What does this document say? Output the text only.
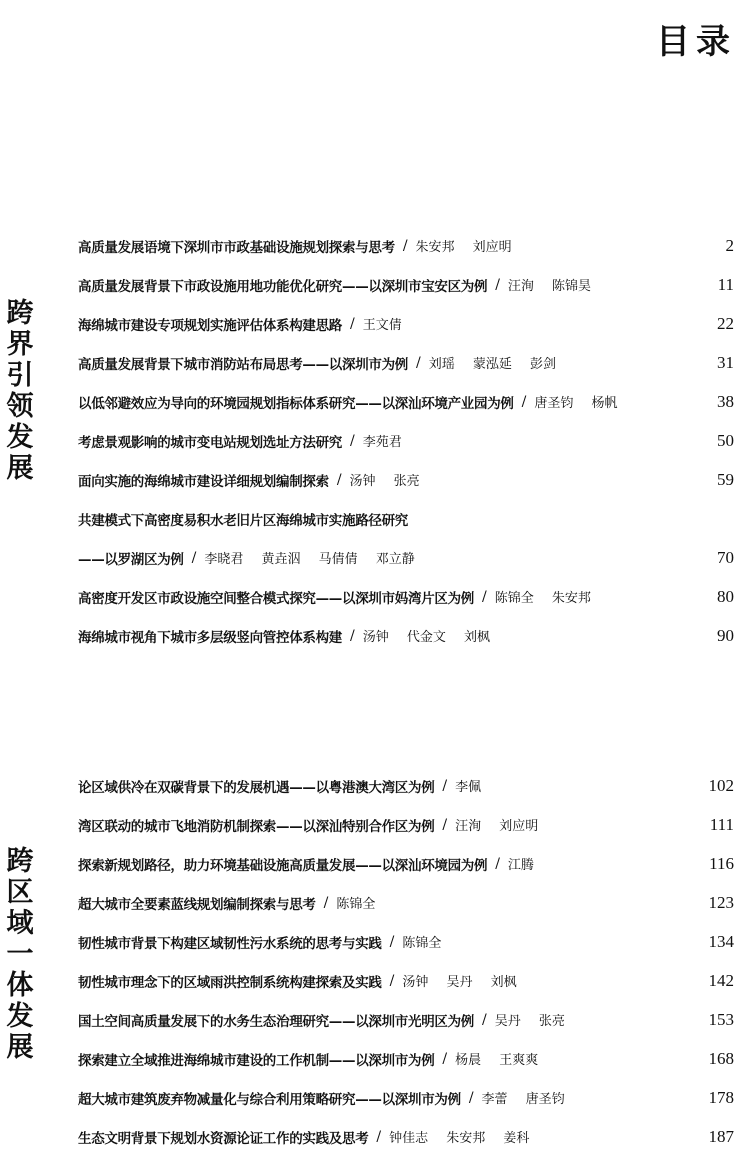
目录
跨界引领发展
跨区域一体发展
高质量发展语境下深圳市市政基础设施规划探索与思考 / 朱安邦 刘应明	2
高质量发展背景下市政设施用地功能优化研究——以深圳市宝安区为例 / 汪洵 陈锦昊	11
海绵城市建设专项规划实施评估体系构建思路 / 王文倩	22
高质量发展背景下城市消防站布局思考——以深圳市为例 / 刘瑶 蒙泓延 彭剑	31
以低邻避效应为导向的环境园规划指标体系研究——以深汕环境产业园为例 / 唐圣钧 杨帆	38
考虑景观影响的城市变电站规划选址方法研究 / 李苑君	50
面向实施的海绵城市建设详细规划编制探索 / 汤钟 张亮	59
共建模式下高密度易积水老旧片区海绵城市实施路径研究
——以罗湖区为例 / 李晓君 黄垚泅 马倩倩 邓立静	70
高密度开发区市政设施空间整合模式探究——以深圳市妈湾片区为例 / 陈锦全 朱安邦	80
海绵城市视角下城市多层级竖向管控体系构建 / 汤钟 代金文 刘枫	90
论区域供冷在双碳背景下的发展机遇——以粤港澳大湾区为例 / 李佩	102
湾区联动的城市飞地消防机制探索——以深汕特别合作区为例 / 汪洵 刘应明	111
探索新规划路径，助力环境基础设施高质量发展——以深汕环境园为例 / 江腾	116
超大城市全要素蓝线规划编制探索与思考 / 陈锦全	123
韧性城市背景下构建区域韧性污水系统的思考与实践 / 陈锦全	134
韧性城市理念下的区域雨洪控制系统构建探索及实践 / 汤钟 吴丹 刘枫	142
国土空间高质量发展下的水务生态治理研究——以深圳市光明区为例 / 吴丹 张亮	153
探索建立全域推进海绵城市建设的工作机制——以深圳市为例 / 杨晨 王爽爽	168
超大城市建筑废弃物减量化与综合利用策略研究——以深圳市为例 / 李蕾 唐圣钧	178
生态文明背景下规划水资源论证工作的实践及思考 / 钟佳志 朱安邦 姜科	187
